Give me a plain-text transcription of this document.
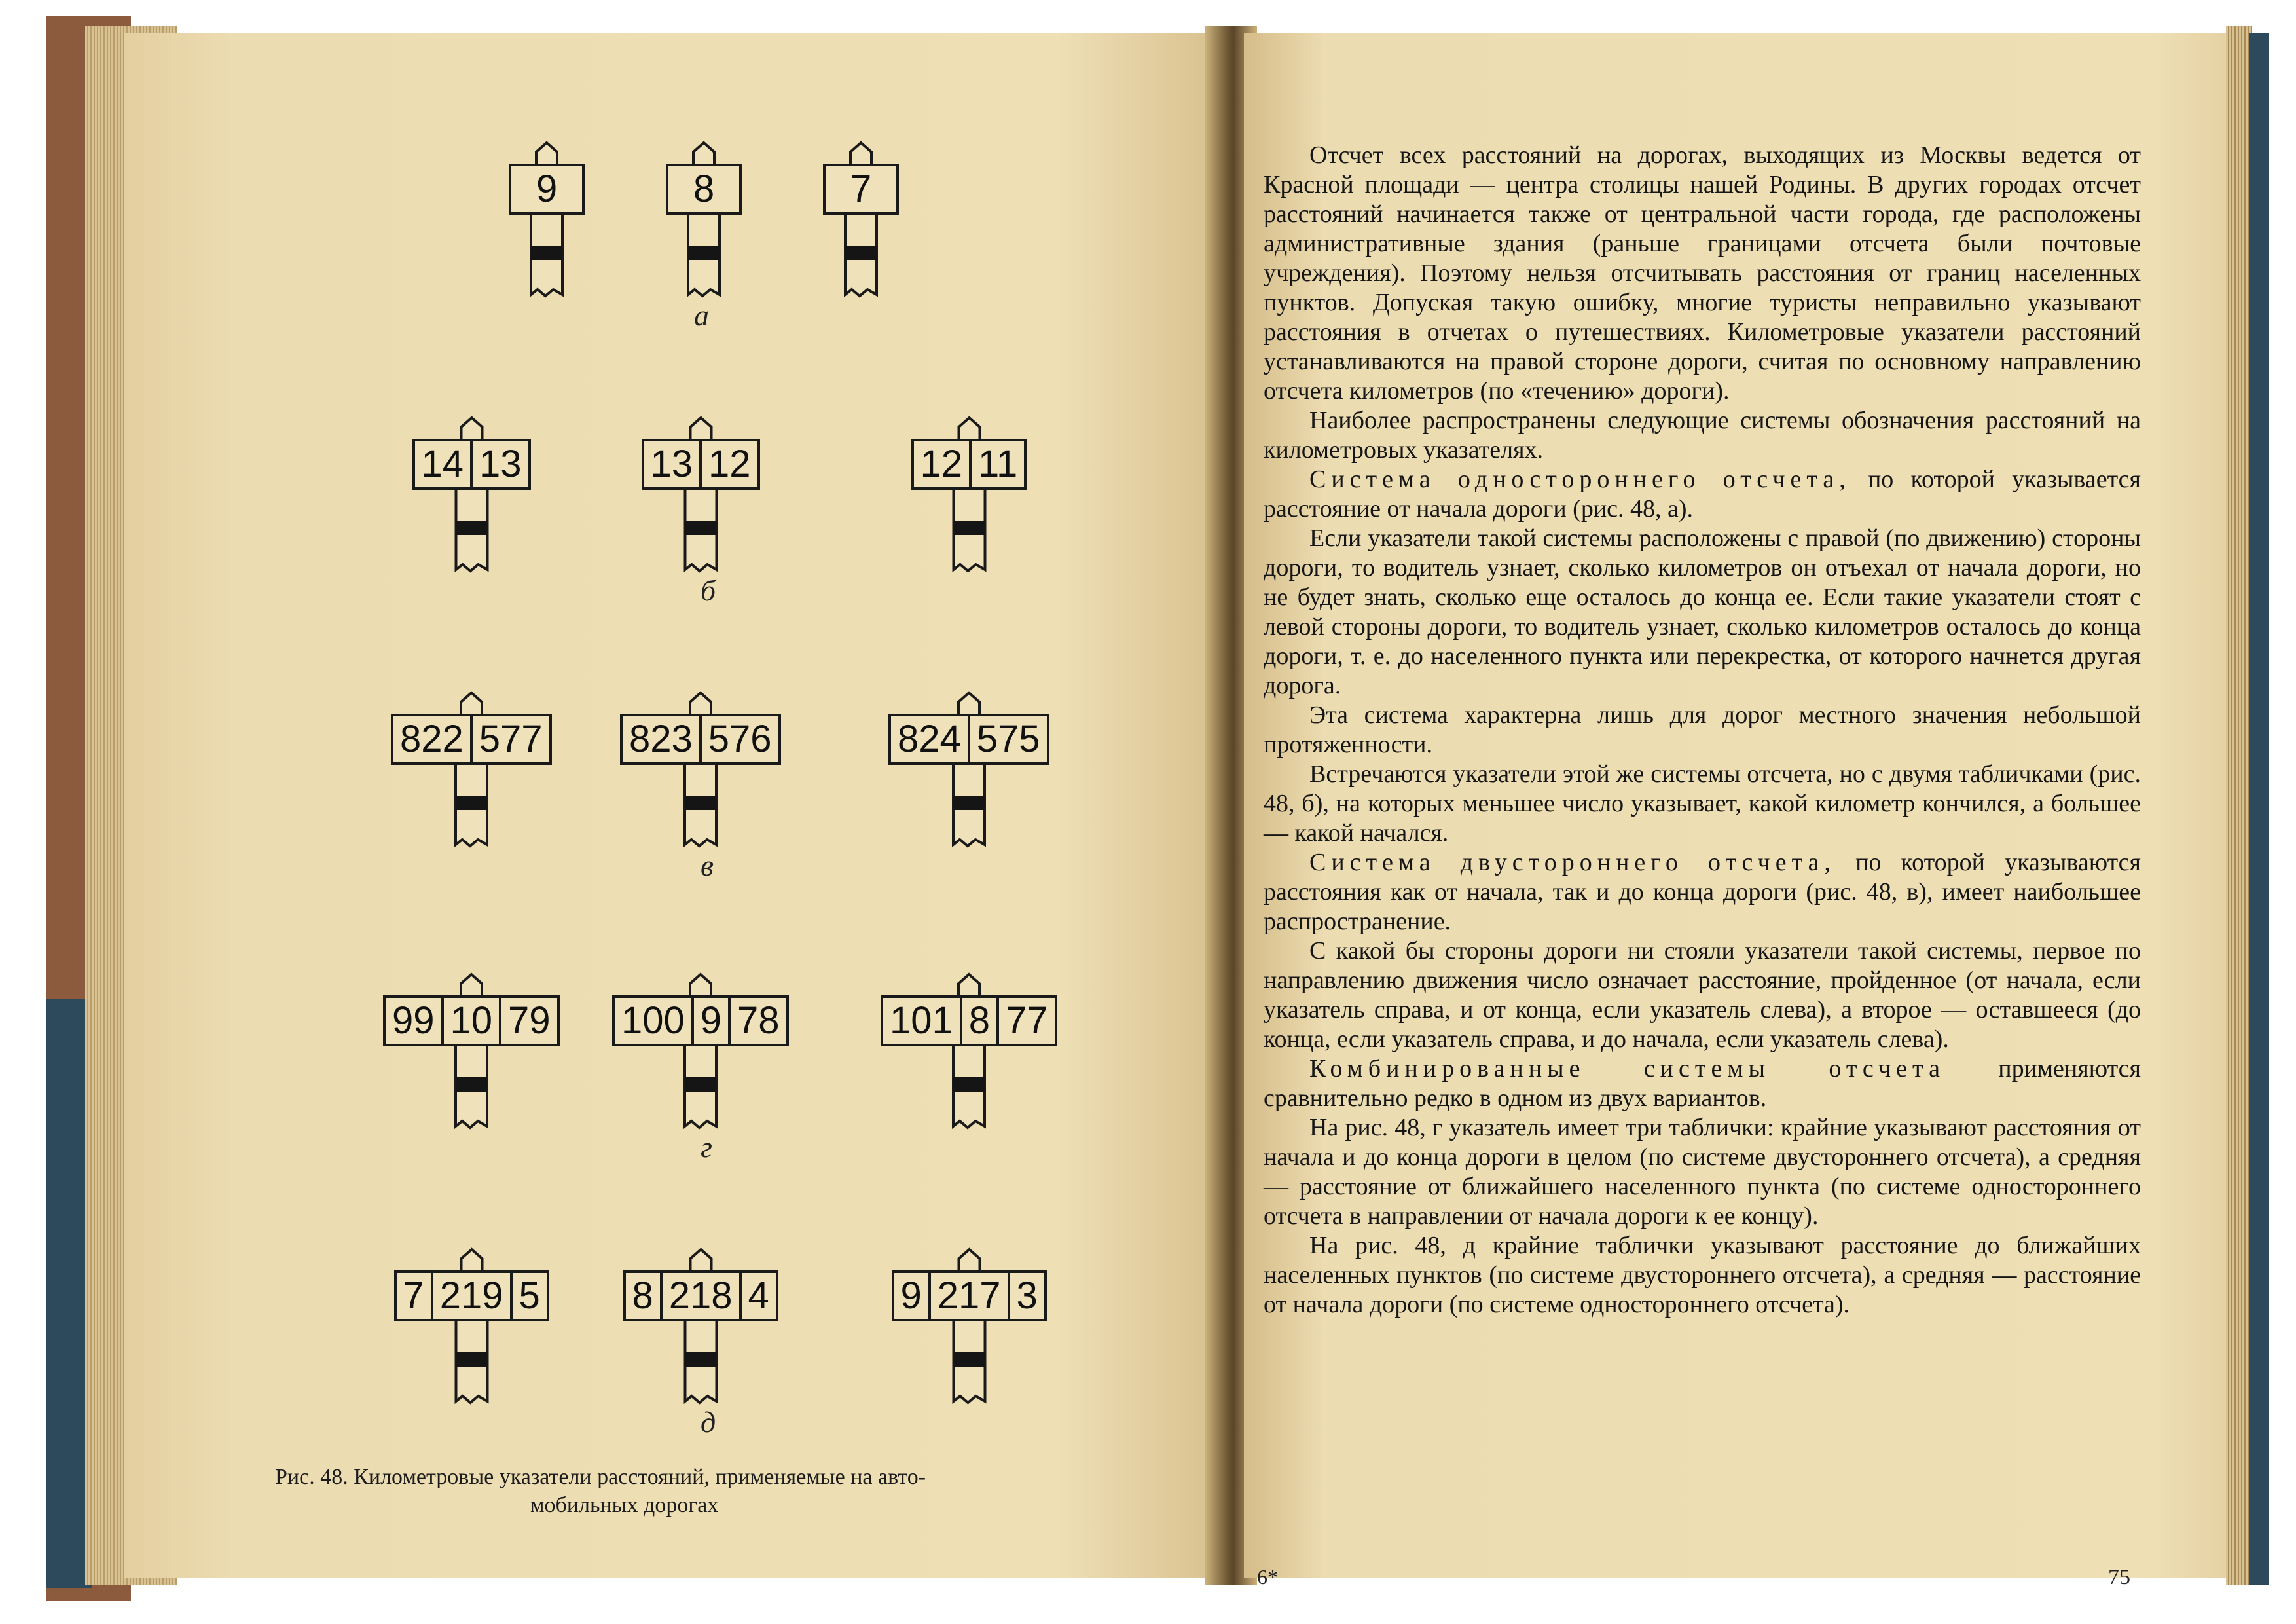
9	8	7
а
14 13	13 12	12 11
б
822 577 823 576	824 575
в
99 10 79 100 9 78	101 8 77
г
7 219 5 8 218 4	9 217 3
д
Рис. 48. Километровые указатели расстояний, применяемые на авто-
мобильных дорогах

Отсчет всех расстояний на дорогах, выходящих из Москвы ведется от Красной площади — центра столицы нашей Родины. В других городах отсчет расстояний начинается также от центральной части города, где расположены административные здания (раньше границами отсчета были почтовые учреждения). Поэтому нельзя отсчитывать расстояния от границ населенных пунктов. Допуская такую ошибку, многие туристы неправильно указывают расстояния в отчетах о путешествиях. Километровые указатели расстояний устанавливаются на правой стороне дороги, считая по основному направлению отсчета километров (по «течению» дороги).

Наиболее распространены следующие системы обозначения расстояний на километровых указателях.

Система одностороннего отсчета, по которой указывается расстояние от начала дороги (рис. 48, а).

Если указатели такой системы расположены с правой (по движению) стороны дороги, то водитель узнает, сколько километров он отъехал от начала дороги, но не будет знать, сколько еще осталось до конца ее. Если такие указатели стоят с левой стороны дороги, то водитель узнает, сколько километров осталось до конца дороги, т. е. до населенного пункта или перекрестка, от которого начнется другая дорога.

Эта система характерна лишь для дорог местного значения небольшой протяженности.

Встречаются указатели этой же системы отсчета, но с двумя табличками (рис. 48, б), на которых меньшее число указывает, какой километр кончился, а большее — какой начался.

Система двустороннего отсчета, по которой указываются расстояния как от начала, так и до конца дороги (рис. 48, в), имеет наибольшее распространение.

С какой бы стороны дороги ни стояли указатели такой системы, первое по направлению движения число означает расстояние, пройденное (от начала, если указатель справа, и от конца, если указатель слева), а второе — оставшееся (до конца, если указатель справа, и до начала, если указатель слева).

Комбинированные системы отсчета применяются сравнительно редко в одном из двух вариантов.

На рис. 48, г указатель имеет три таблички: крайние указывают расстояния от начала и до конца дороги в целом (по системе двустороннего отсчета), а средняя — расстояние от ближайшего населенного пункта (по системе одностороннего отсчета в направлении от начала дороги к ее концу).

На рис. 48, д крайние таблички указывают расстояние до ближайших населенных пунктов (по системе двустороннего отсчета), а средняя — расстояние от начала дороги (по системе одностороннего отсчета).

6*	75
